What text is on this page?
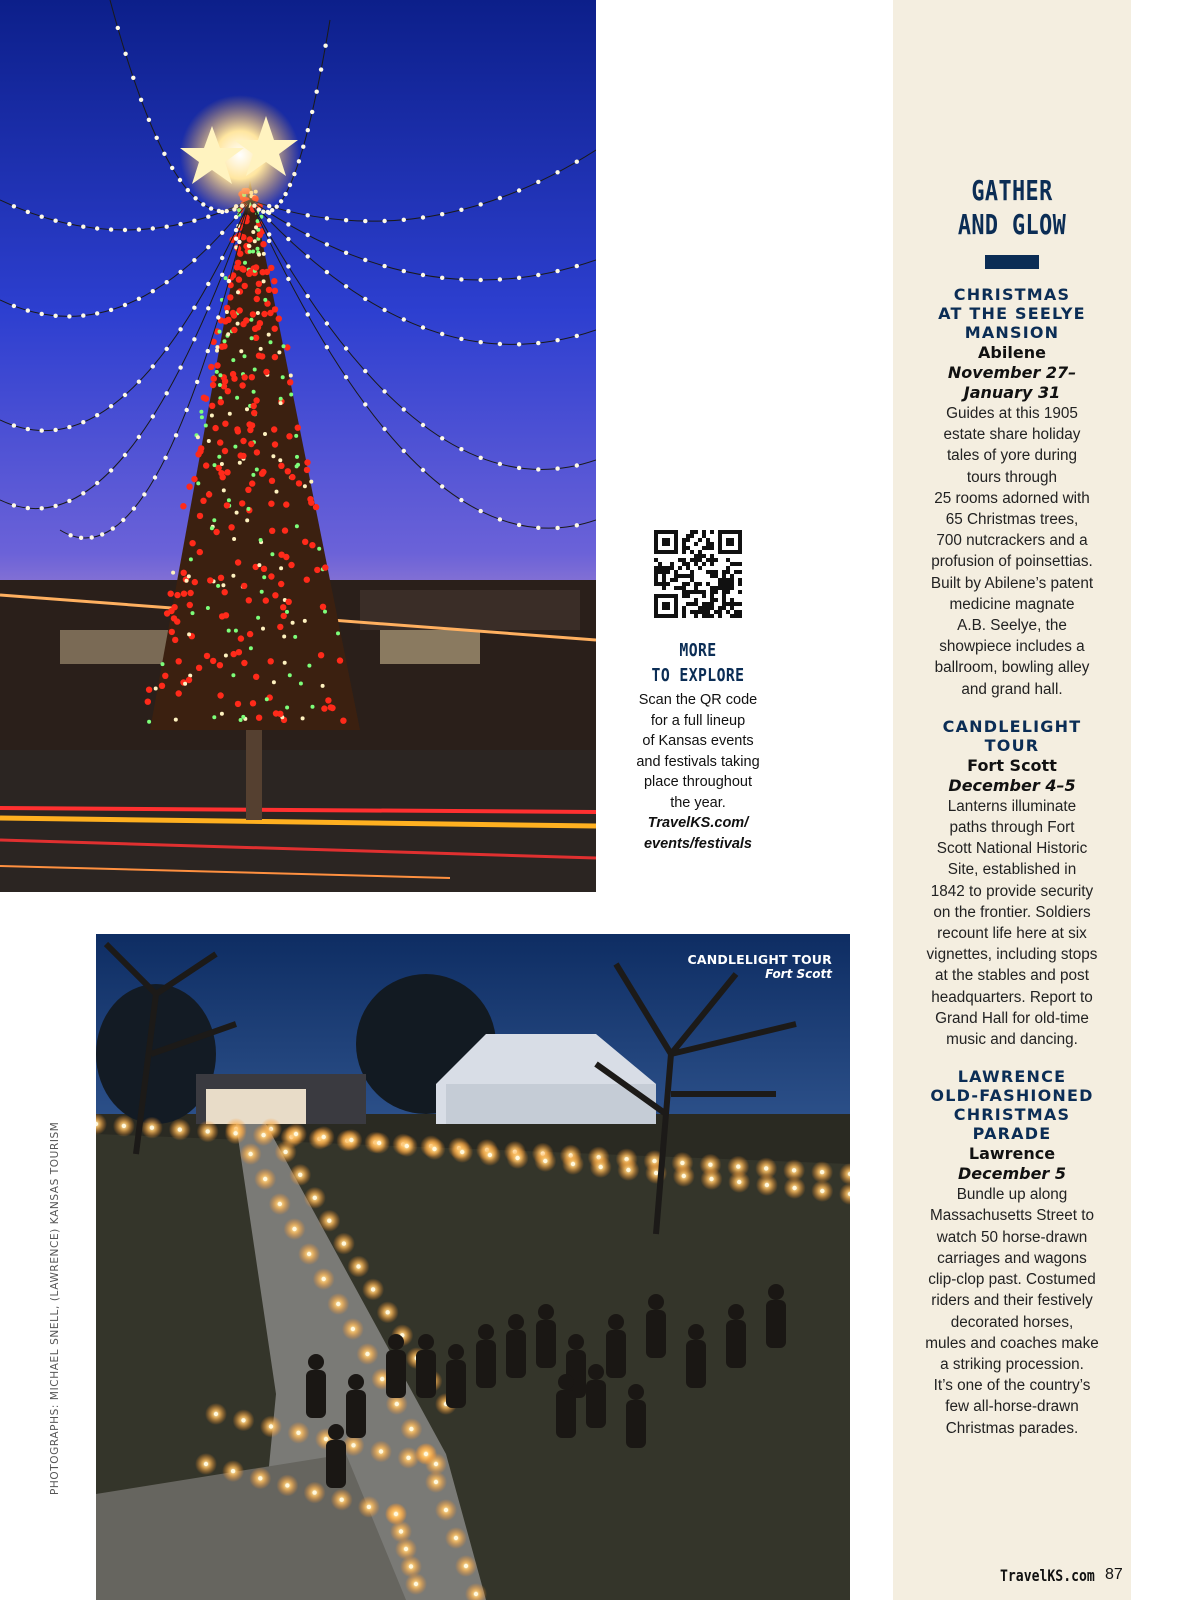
CANDLELIGHT TOUR
Fort Scott
PHOTOGRAPHS: MICHAEL SNELL, (LAWRENCE) KANSAS TOURISM
MORE
TO EXPLORE
Scan the QR code
for a full lineup
of Kansas events
and festivals taking
place throughout
the year.
TravelKS.com/
events/festivals
GATHER
AND GLOW
CHRISTMAS
AT THE SEELYE
MANSION
Abilene
November 27–
January 31
Guides at this 1905
estate share holiday
tales of yore during
tours through
25 rooms adorned with
65 Christmas trees,
700 nutcrackers and a
profusion of poinsettias.
Built by Abilene’s patent
medicine magnate
A.B. Seelye, the
showpiece includes a
ballroom, bowling alley
and grand hall.
CANDLELIGHT
TOUR
Fort Scott
December 4–5
Lanterns illuminate
paths through Fort
Scott National Historic
Site, established in
1842 to provide security
on the frontier. Soldiers
recount life here at six
vignettes, including stops
at the stables and post
headquarters. Report to
Grand Hall for old-time
music and dancing.
LAWRENCE
OLD-FASHIONED
CHRISTMAS
PARADE
Lawrence
December 5
Bundle up along
Massachusetts Street to
watch 50 horse-drawn
carriages and wagons
clip-clop past. Costumed
riders and their festively
decorated horses,
mules and coaches make
a striking procession.
It’s one of the country’s
few all-horse-drawn
Christmas parades.
TravelKS.com 87
